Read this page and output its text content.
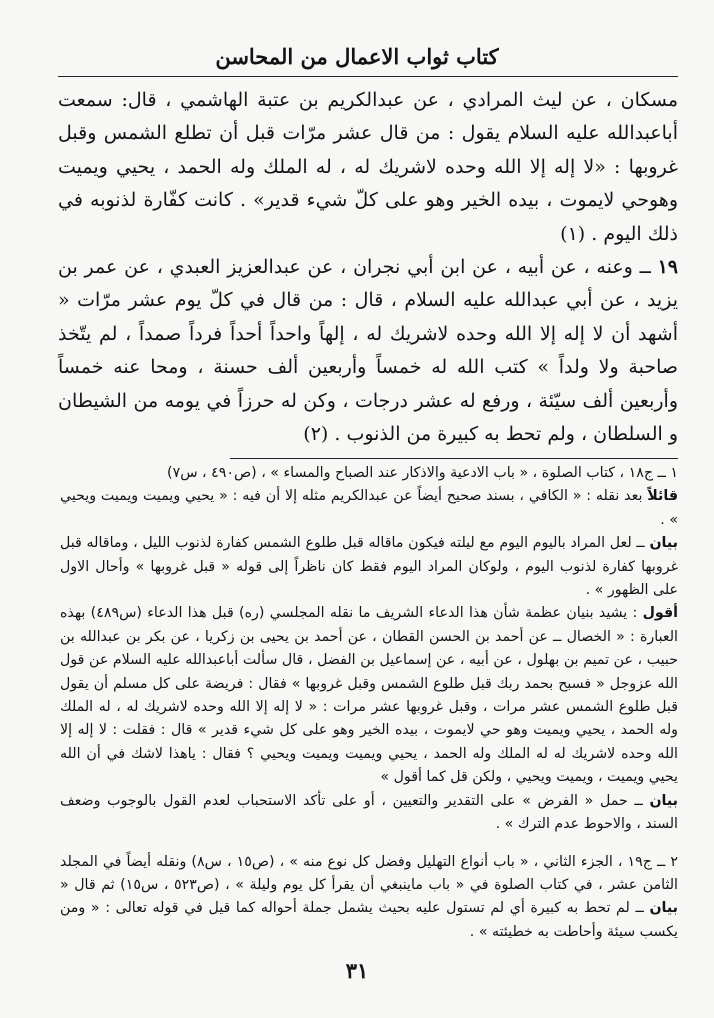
كتاب ثواب الاعمال من المحاسن

مسكان ، عن ليث المرادي ، عن عبدالكريم بن عتبة الهاشمي ، قال: سمعت أباعبدالله عليه السلام يقول : من قال عشر مرّات قبل أن تطلع الشمس وقبل غروبها : «لا إله إلا الله وحده لاشريك له ، له الملك وله الحمد ، يحيي ويميت وهوحي لايموت ، بيده الخير وهو على كلّ شيء قدير» . كانت كفّارة لذنوبه في ذلك اليوم . (١)

١٩ ــ وعنه ، عن أبيه ، عن ابن أبي نجران ، عن عبدالعزيز العبدي ، عن عمر بن يزيد ، عن أبي عبدالله عليه السلام ، قال : من قال في كلّ يوم عشر مرّات « أشهد أن لا إله إلا الله وحده لاشريك له ، إلهاً واحداً أحداً فرداً صمداً ، لم يتّخذ صاحبة ولا ولداً » كتب الله له خمساً وأربعين ألف حسنة ، ومحا عنه خمساً وأربعين ألف سيّئة ، ورفع له عشر درجات ، وكن له حرزاً في يومه من الشيطان و السلطان ، ولم تحط به كبيرة من الذنوب . (٢)

١ ــ ج١٨ ، كتاب الصلوة ، « باب الادعية والاذكار عند الصباح والمساء » ، (ص٤٩٠ ، س٧)

قائلاً بعد نقله : « الكافي ، بسند صحيح أيضاً عن عبدالكريم مثله إلا أن فيه : « يحيي ويميت ويميت ويحيي » .

بيان ــ لعل المراد باليوم اليوم مع ليلته فيكون ماقاله قبل طلوع الشمس كفارة لذنوب الليل ، وماقاله قبل غروبها كفارة لذنوب اليوم ، ولوكان المراد اليوم فقط كان ناظراً إلى قوله « قبل غروبها » وأحال الاول على الظهور » .

أقول : يشيد بنيان عظمة شأن هذا الدعاء الشريف ما نقله المجلسي (ره) قبل هذا الدعاء (س٤٨٩) بهذه العبارة : « الخصال ــ عن أحمد بن الحسن القطان ، عن أحمد بن يحيى بن زكريا ، عن بكر بن عبدالله بن حبيب ، عن تميم بن بهلول ، عن أبيه ، عن إسماعيل بن الفضل ، قال سألت أباعبدالله عليه السلام عن قول الله عزوجل « فسبح بحمد ربك قبل طلوع الشمس وقبل غروبها » فقال : فريضة على كل مسلم أن يقول قبل طلوع الشمس عشر مرات ، وقبل غروبها عشر مرات : « لا إله إلا الله وحده لاشريك له ، له الملك وله الحمد ، يحيي ويميت وهو حي لايموت ، بيده الخير وهو على كل شيء قدير » قال : فقلت : لا إله إلا الله وحده لاشريك له له الملك وله الحمد ، يحيي ويميت ويميت ويحيي ؟ فقال : ياهذا لاشك في أن الله يحيي ويميت ، ويميت ويحيي ، ولكن قل كما أقول »

بيان ــ حمل « الفرض » على التقدير والتعيين ، أو على تأكد الاستحباب لعدم القول بالوجوب وضعف السند ، والاحوط عدم الترك » .

٢ ــ ج١٩ ، الجزء الثاني ، « باب أنواع التهليل وفضل كل نوع منه » ، (ص١٥ ، س٨) ونقله أيضاً في المجلد الثامن عشر ، في كتاب الصلوة في « باب ماينبغي أن يقرأ كل يوم وليلة » ، (ص٥٢٣ ، س١٥) ثم قال « بيان ــ لم تحط به كبيرة أي لم تستول عليه بحيث يشمل جملة أحواله كما قيل في قوله تعالى : « ومن يكسب سيئة وأحاطت به خطيئته » .

٣١
